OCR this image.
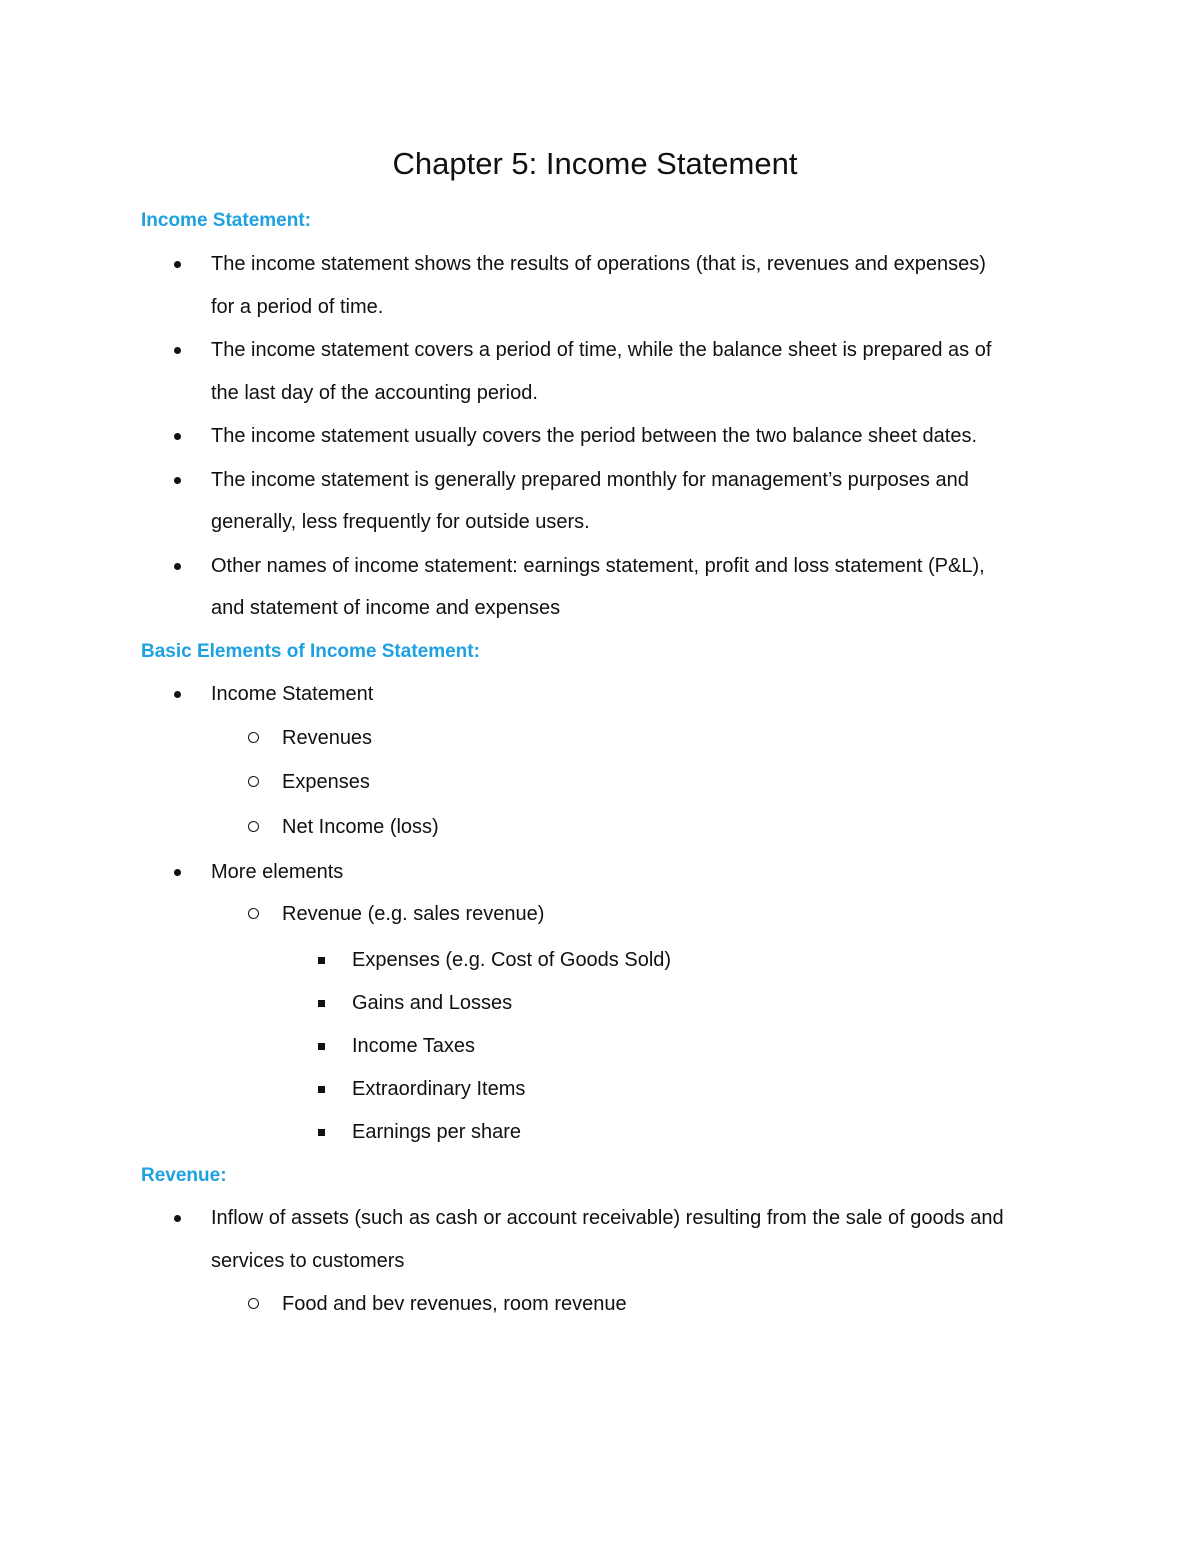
Chapter 5: Income Statement
Income Statement:
The income statement shows the results of operations (that is, revenues and expenses)
for a period of time.
The income statement covers a period of time, while the balance sheet is prepared as of
the last day of the accounting period.
The income statement usually covers the period between the two balance sheet dates.
The income statement is generally prepared monthly for management’s purposes and
generally, less frequently for outside users.
Other names of income statement: earnings statement, profit and loss statement (P&L),
and statement of income and expenses
Basic Elements of Income Statement:
Income Statement
Revenues
Expenses
Net Income (loss)
More elements
Revenue (e.g. sales revenue)
Expenses (e.g. Cost of Goods Sold)
Gains and Losses
Income Taxes
Extraordinary Items
Earnings per share
Revenue:
Inflow of assets (such as cash or account receivable) resulting from the sale of goods and
services to customers
Food and bev revenues, room revenue
